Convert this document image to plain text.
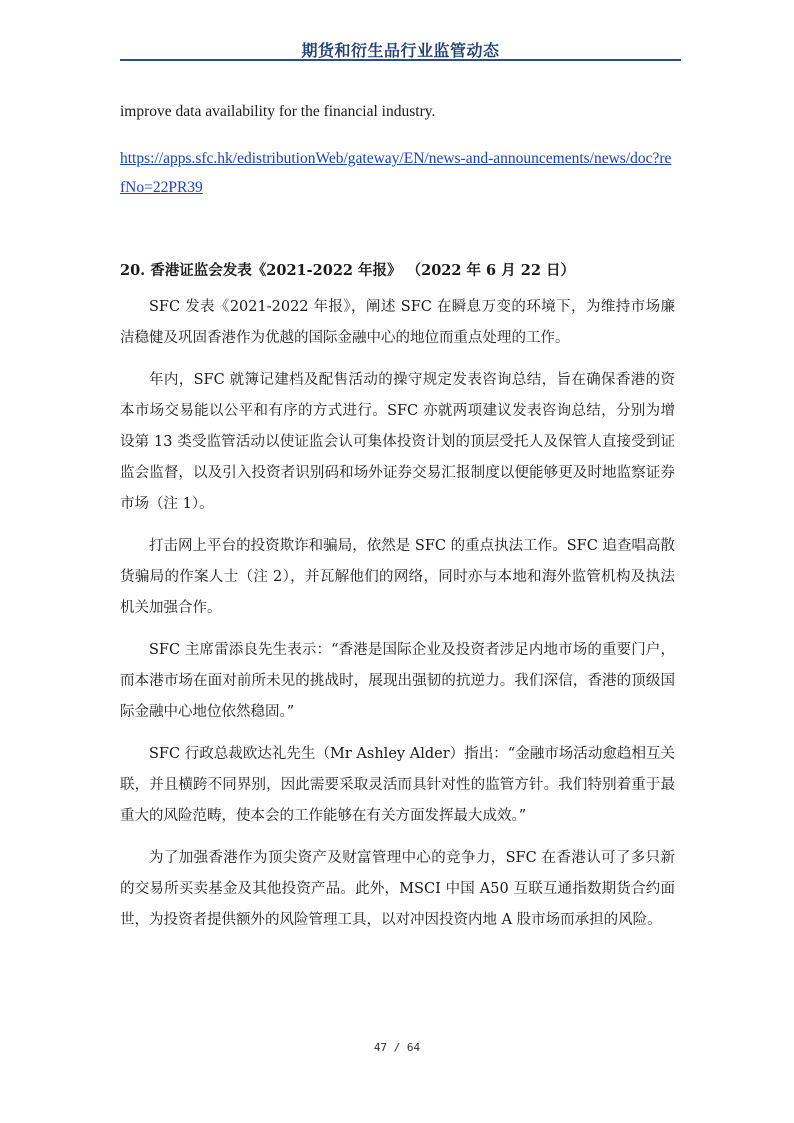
期货和衍生品行业监管动态

improve data availability for the financial industry.

https://apps.sfc.hk/edistributionWeb/gateway/EN/news-and-announcements/news/doc?refNo=22PR39
20. 香港证监会发表《2021-2022 年报》 （2022 年 6 月 22 日）

SFC 发表《2021-2022 年报》，阐述 SFC 在瞬息万变的环境下，为维持市场廉洁稳健及巩固香港作为优越的国际金融中心的地位而重点处理的工作。

年内，SFC 就簿记建档及配售活动的操守规定发表咨询总结，旨在确保香港的资本市场交易能以公平和有序的方式进行。SFC 亦就两项建议发表咨询总结，分别为增设第 13 类受监管活动以使证监会认可集体投资计划的顶层受托人及保管人直接受到证监会监督，以及引入投资者识别码和场外证券交易汇报制度以便能够更及时地监察证券市场（注 1）。

打击网上平台的投资欺诈和骗局，依然是 SFC 的重点执法工作。SFC 追查唱高散货骗局的作案人士（注 2），并瓦解他们的网络，同时亦与本地和海外监管机构及执法机关加强合作。

SFC 主席雷添良先生表示：“香港是国际企业及投资者涉足内地市场的重要门户，而本港市场在面对前所未见的挑战时，展现出强韧的抗逆力。我们深信，香港的顶级国际金融中心地位依然稳固。”

SFC 行政总裁欧达礼先生（Mr Ashley Alder）指出：“金融市场活动愈趋相互关联，并且横跨不同界别，因此需要采取灵活而具针对性的监管方针。我们特别着重于最重大的风险范畴，使本会的工作能够在有关方面发挥最大成效。”

为了加强香港作为顶尖资产及财富管理中心的竞争力，SFC 在香港认可了多只新的交易所买卖基金及其他投资产品。此外，MSCI 中国 A50 互联互通指数期货合约面世，为投资者提供额外的风险管理工具，以对冲因投资内地 A 股市场而承担的风险。

47 / 64
